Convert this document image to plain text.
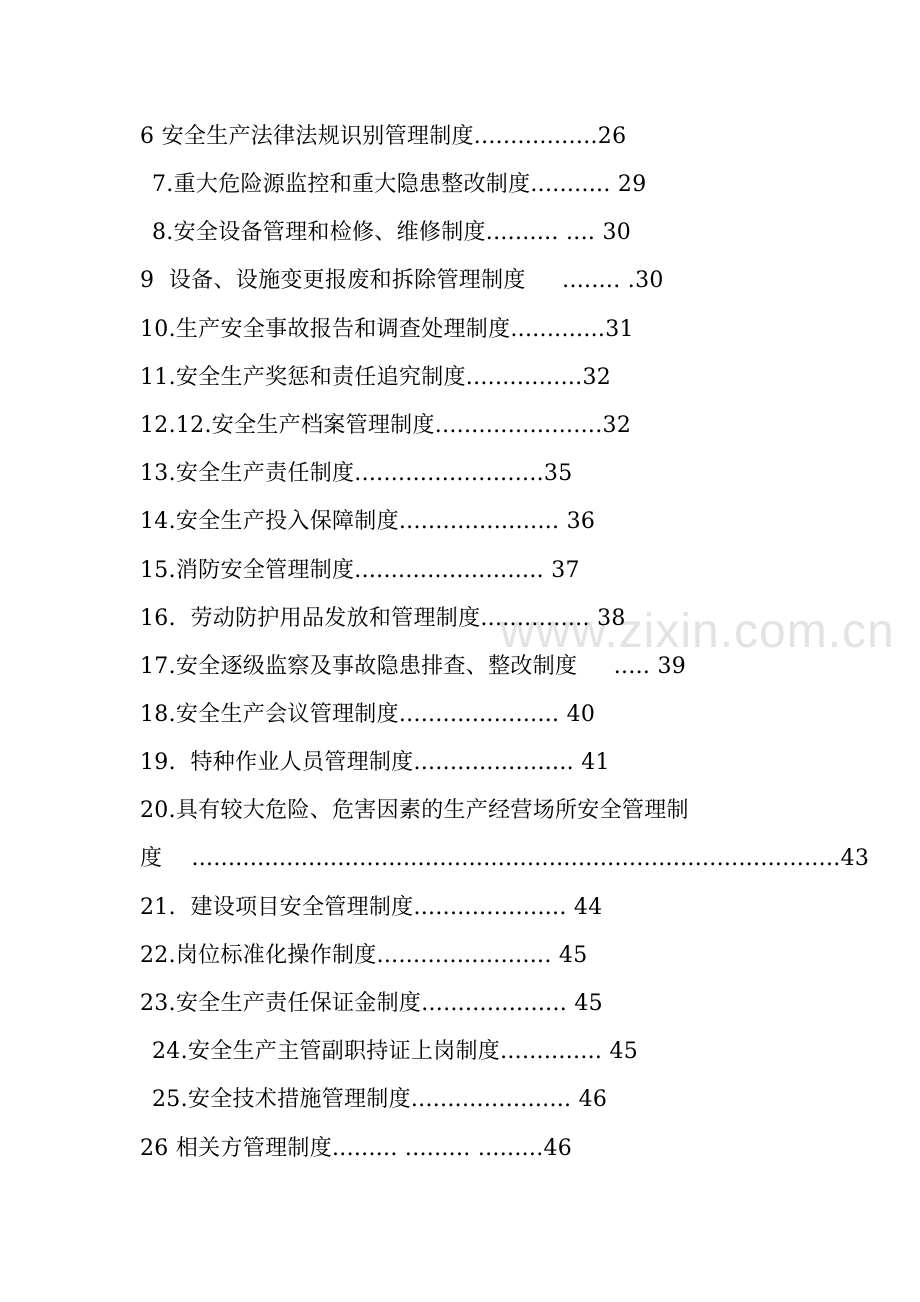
www.zixin.com.cn
6 安全生产法律法规识别管理制度.................26
7.重大危险源监控和重大隐患整改制度........... 29
8.安全设备管理和检修、维修制度.......... .... 30
9  设备、设施变更报废和拆除管理制度     ........ .30
10.生产安全事故报告和调查处理制度.............31
11.安全生产奖惩和责任追究制度................32
12.12.安全生产档案管理制度.......................32
13.安全生产责任制度..........................35
14.安全生产投入保障制度...................... 36
15.消防安全管理制度.......................... 37
16.  劳动防护用品发放和管理制度............... 38
17.安全逐级监察及事故隐患排查、整改制度     ..... 39
18.安全生产会议管理制度...................... 40
19.  特种作业人员管理制度...................... 41
20.具有较大危险、危害因素的生产经营场所安全管理制
度    .........................................................................................43
21.  建设项目安全管理制度..................... 44
22.岗位标准化操作制度........................ 45
23.安全生产责任保证金制度.................... 45
24.安全生产主管副职持证上岗制度.............. 45
25.安全技术措施管理制度...................... 46
26 相关方管理制度......... ......... .........46
